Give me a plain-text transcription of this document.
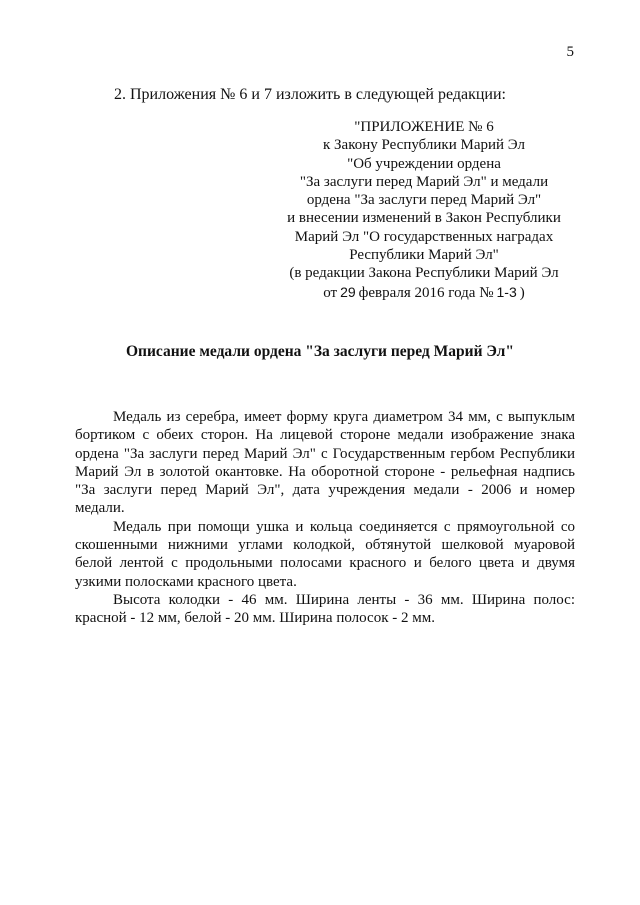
5
2. Приложения № 6 и 7 изложить в следующей редакции:
"ПРИЛОЖЕНИЕ № 6
к Закону Республики Марий Эл
"Об учреждении ордена
"За заслуги перед Марий Эл" и медали
ордена "За заслуги перед Марий Эл"
и внесении изменений в Закон Республики
Марий Эл "О государственных наградах
Республики Марий Эл"
(в редакции Закона Республики Марий Эл
от 29 февраля 2016 года № 1-3 )
Описание медали ордена "За заслуги перед Марий Эл"

Медаль из серебра, имеет форму круга диаметром 34 мм, с выпуклым бортиком с обеих сторон. На лицевой стороне медали изображение знака ордена "За заслуги перед Марий Эл" с Государственным гербом Республики Марий Эл в золотой окантовке. На оборотной стороне - рельефная надпись "За заслуги перед Марий Эл", дата учреждения медали - 2006 и номер медали.

Медаль при помощи ушка и кольца соединяется с прямоугольной со скошенными нижними углами колодкой, обтянутой шелковой муаровой белой лентой с продольными полосами красного и белого цвета и двумя узкими полосками красного цвета.

Высота колодки - 46 мм. Ширина ленты - 36 мм. Ширина полос: красной - 12 мм, белой - 20 мм. Ширина полосок - 2 мм.
